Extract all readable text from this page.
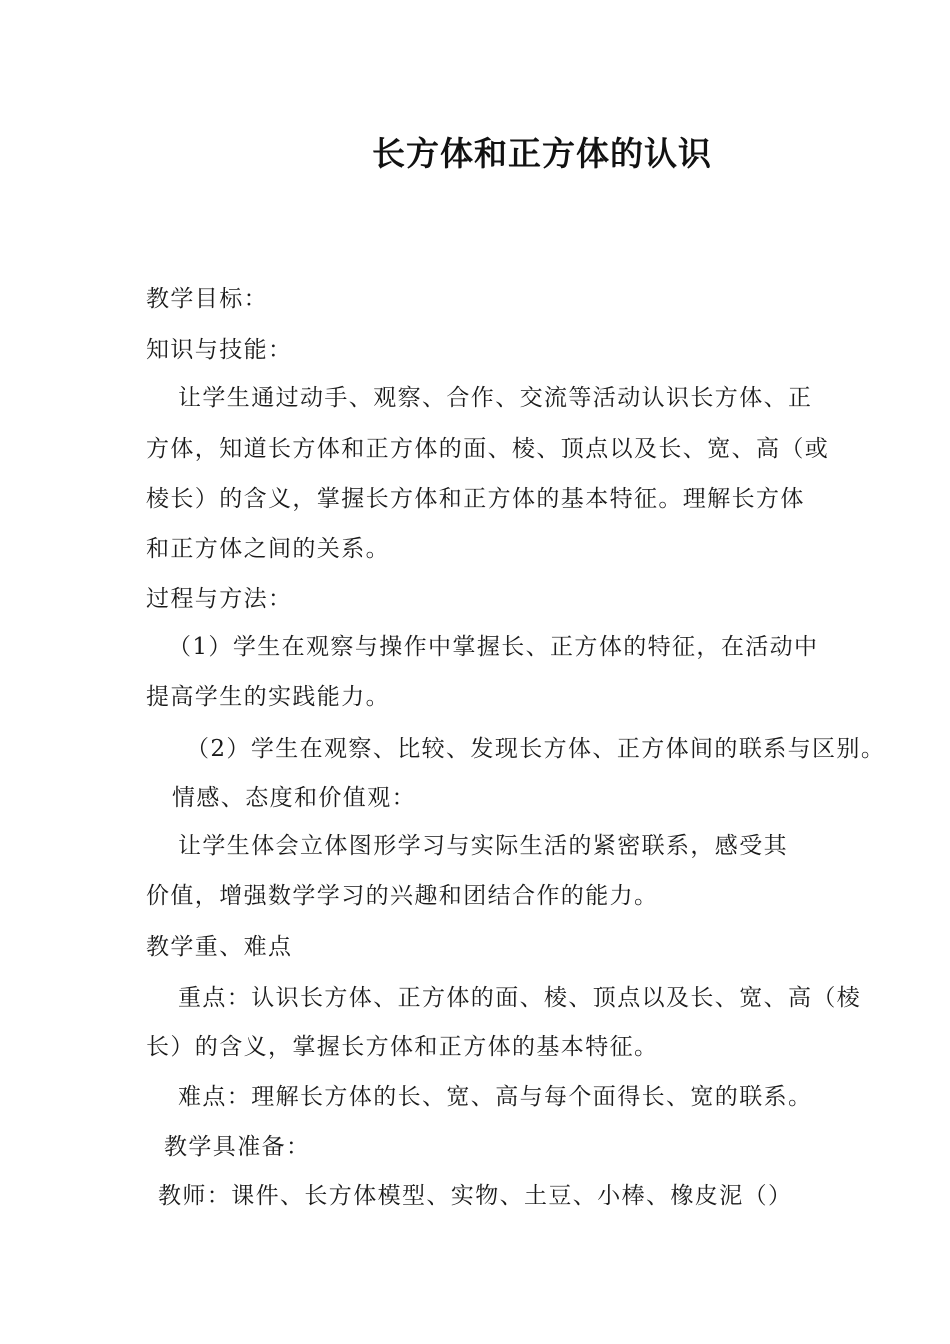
长方体和正方体的认识
教学目标：
知识与技能：
让学生通过动手、观察、合作、交流等活动认识长方体、正
方体，知道长方体和正方体的面、棱、顶点以及长、宽、高（或
棱长）的含义，掌握长方体和正方体的基本特征。理解长方体
和正方体之间的关系。
过程与方法：
（1）学生在观察与操作中掌握长、正方体的特征，在活动中
提高学生的实践能力。
（2）学生在观察、比较、发现长方体、正方体间的联系与区别。
情感、态度和价值观：
让学生体会立体图形学习与实际生活的紧密联系，感受其
价值，增强数学学习的兴趣和团结合作的能力。
教学重、难点
重点：认识长方体、正方体的面、棱、顶点以及长、宽、高（棱
长）的含义，掌握长方体和正方体的基本特征。
难点：理解长方体的长、宽、高与每个面得长、宽的联系。
教学具准备：
教师：课件、长方体模型、实物、土豆、小棒、橡皮泥（）
